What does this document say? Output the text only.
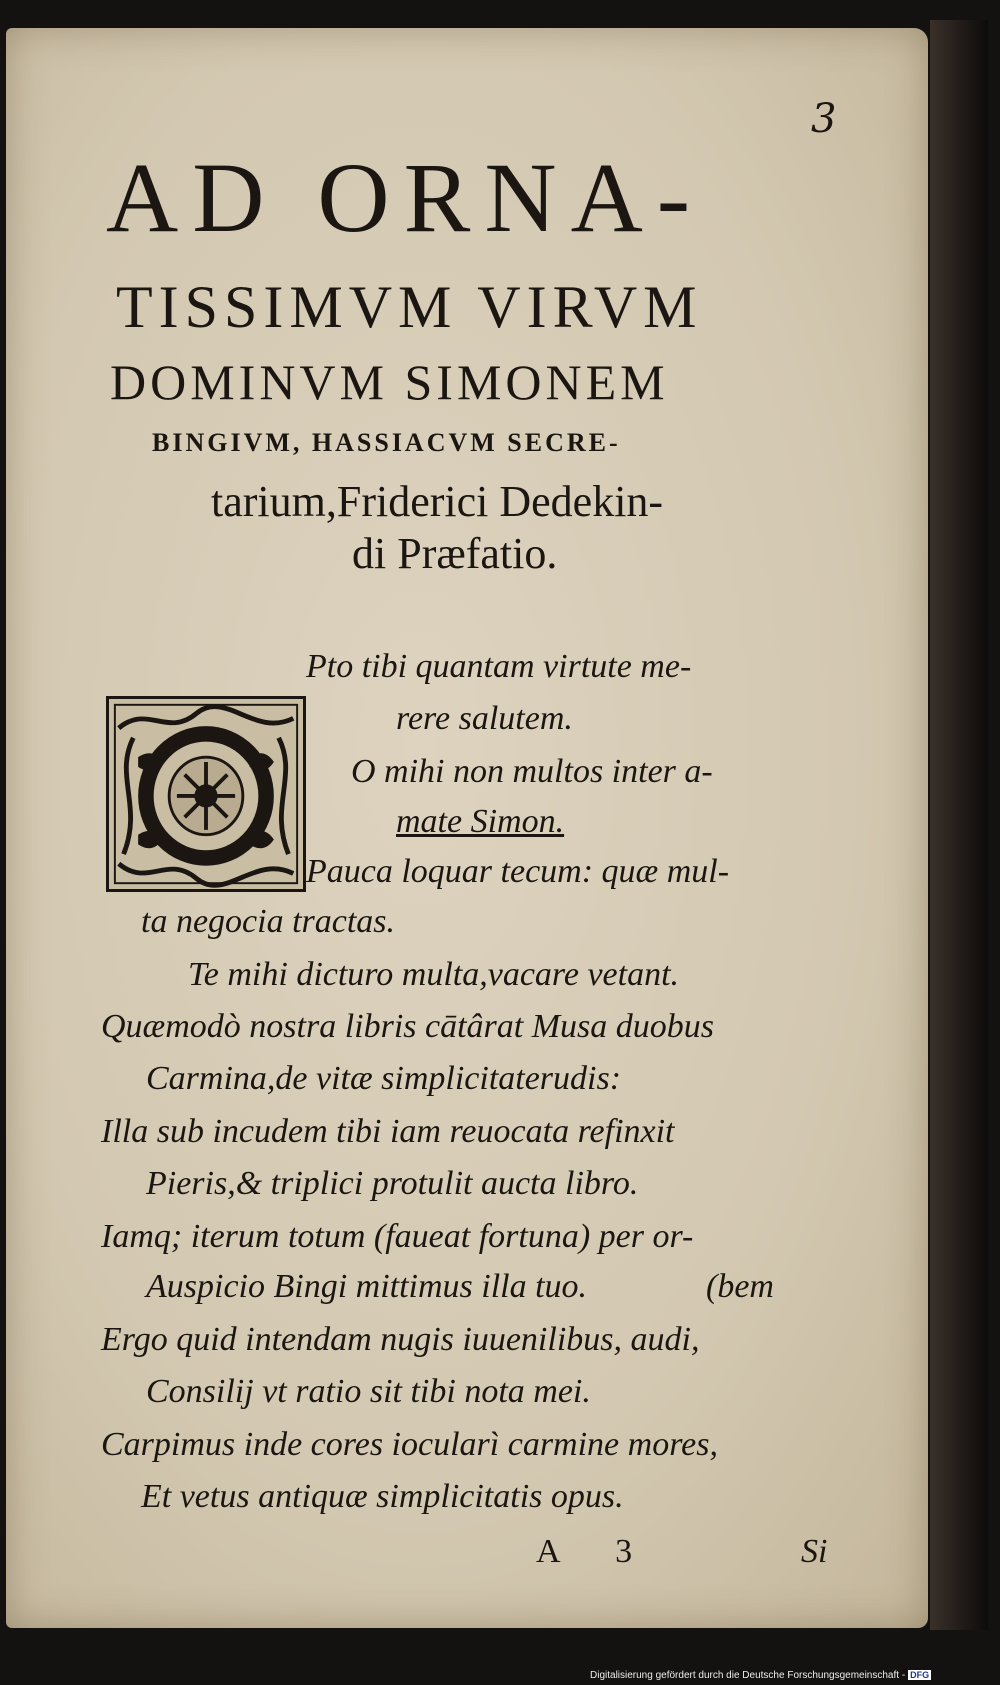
3
AD ORNA-
TISSIMVM VIRVM
DOMINVM SIMONEM
BINGIVM, HASSIACVM SECRE-
tarium,Friderici Dedekin-
di Præfatio.
Pto tibi quantam virtute me-
rere salutem.
O mihi non multos inter a-
mate Simon.
Pauca loquar tecum: quæ mul-
ta negocia tractas.
Te mihi dicturo multa,vacare vetant.
Quæmodò nostra libris cātârat Musa duobus
Carmina,de vitæ simplicitaterudis:
Illa sub incudem tibi iam reuocata refinxit
Pieris,& triplici protulit aucta libro.
Iamq; iterum totum (faueat fortuna) per or-
Auspicio Bingi mittimus illa tuo.	(bem
Ergo quid intendam nugis iuuenilibus, audi,
Consilij vt ratio sit tibi nota mei.
Carpimus inde cores iocularì carmine mores,
Et vetus antiquæ simplicitatis opus.
A 3	Si
Digitalisierung gefördert durch die Deutsche Forschungsgemeinschaft - DFG
